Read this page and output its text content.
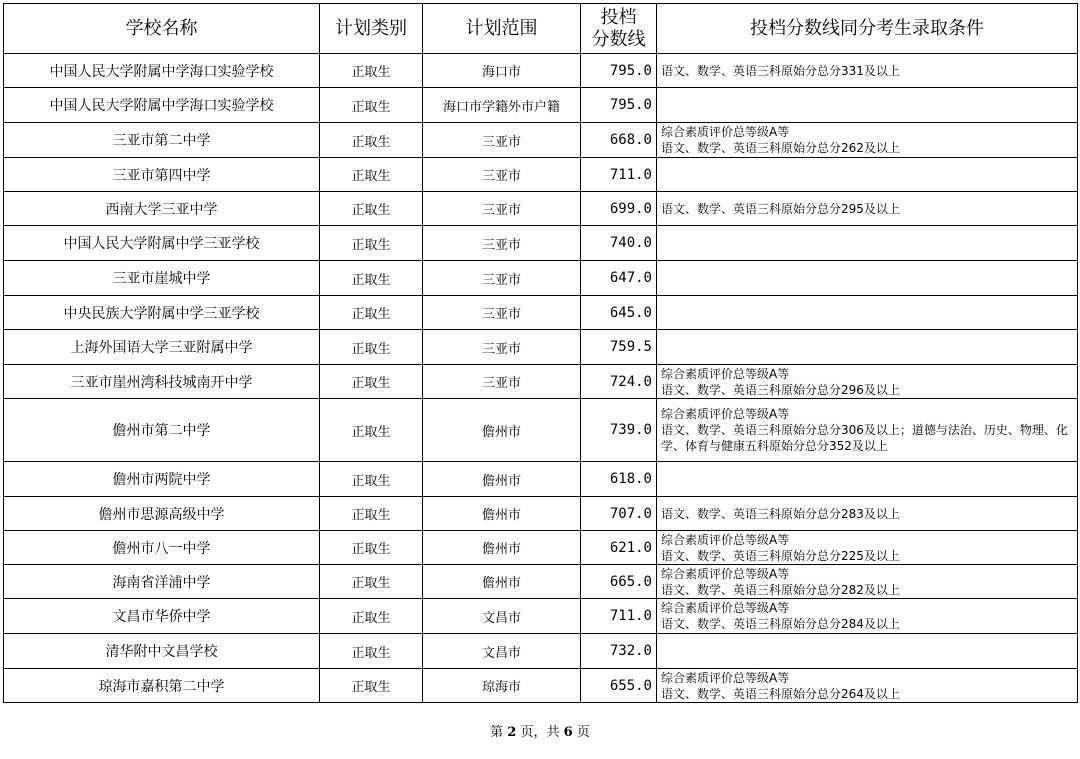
学校名称	计划类别	计划范围	投档
分数线	投档分数线同分考生录取条件
中国人民大学附属中学海口实验学校	正取生	海口市	795.0	语文、数学、英语三科原始分总分331及以上

中国人民大学附属中学海口实验学校	正取生	海口市学籍外市户籍	795.0	
三亚市第二中学	正取生	三亚市	668.0	综合素质评价总等级A等
语文、数学、英语三科原始分总分262及以上

三亚市第四中学	正取生	三亚市	711.0	
西南大学三亚中学	正取生	三亚市	699.0	语文、数学、英语三科原始分总分295及以上

中国人民大学附属中学三亚学校	正取生	三亚市	740.0	
三亚市崖城中学	正取生	三亚市	647.0	
中央民族大学附属中学三亚学校	正取生	三亚市	645.0	
上海外国语大学三亚附属中学	正取生	三亚市	759.5	
三亚市崖州湾科技城南开中学	正取生	三亚市	724.0	综合素质评价总等级A等
语文、数学、英语三科原始分总分296及以上

儋州市第二中学	正取生	儋州市	739.0	综合素质评价总等级A等
语文、数学、英语三科原始分总分306及以上；道德与法治、历史、物理、化学、体育与健康五科原始分总分352及以上

儋州市两院中学	正取生	儋州市	618.0	
儋州市思源高级中学	正取生	儋州市	707.0	语文、数学、英语三科原始分总分283及以上

儋州市八一中学	正取生	儋州市	621.0	综合素质评价总等级A等
语文、数学、英语三科原始分总分225及以上

海南省洋浦中学	正取生	儋州市	665.0	综合素质评价总等级A等
语文、数学、英语三科原始分总分282及以上

文昌市华侨中学	正取生	文昌市	711.0	综合素质评价总等级A等
语文、数学、英语三科原始分总分284及以上

清华附中文昌学校	正取生	文昌市	732.0	
琼海市嘉积第二中学	正取生	琼海市	655.0	综合素质评价总等级A等
语文、数学、英语三科原始分总分264及以上
第 2 页，共 6 页
